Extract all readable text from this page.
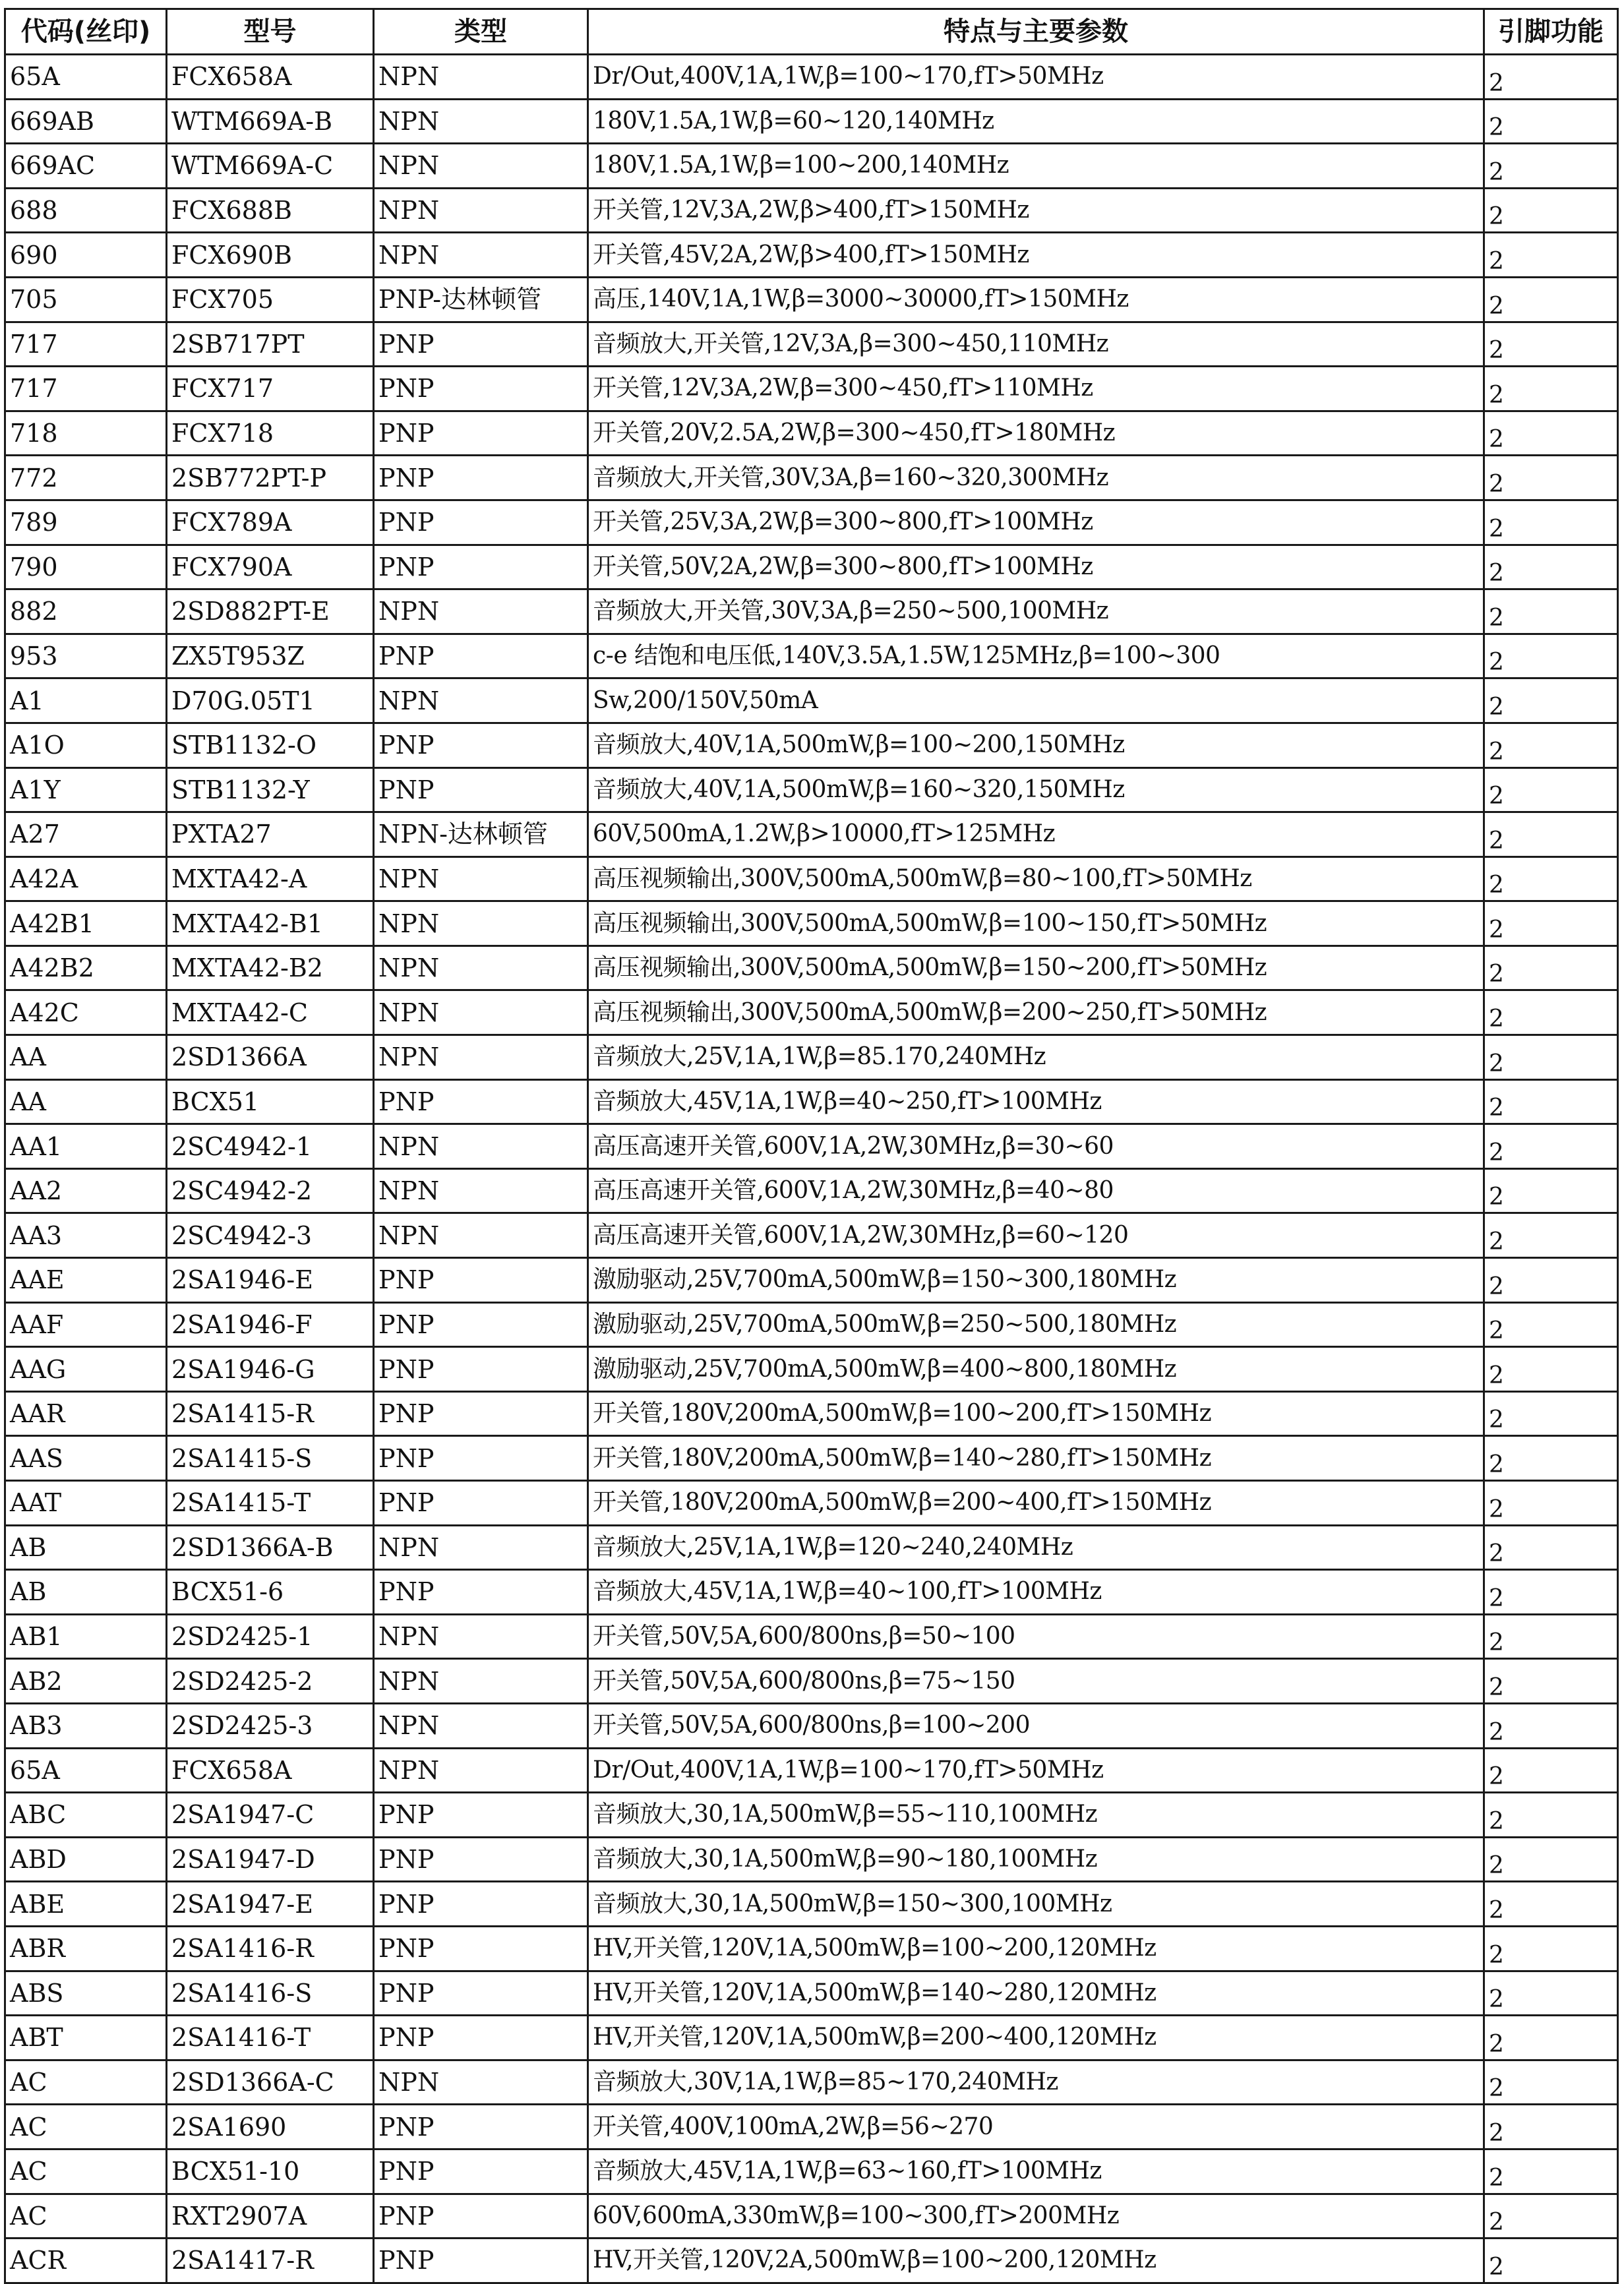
代码(丝印)	型号	类型	特点与主要参数	引脚功能
65A	FCX658A	NPN	Dr/Out,400V,1A,1W,β=100~170,fT>50MHz	2
669AB	WTM669A-B	NPN	180V,1.5A,1W,β=60~120,140MHz	2
669AC	WTM669A-C	NPN	180V,1.5A,1W,β=100~200,140MHz	2
688	FCX688B	NPN	开关管,12V,3A,2W,β>400,fT>150MHz	2
690	FCX690B	NPN	开关管,45V,2A,2W,β>400,fT>150MHz	2
705	FCX705	PNP-达林顿管	高压,140V,1A,1W,β=3000~30000,fT>150MHz	2
717	2SB717PT	PNP	音频放大,开关管,12V,3A,β=300~450,110MHz	2
717	FCX717	PNP	开关管,12V,3A,2W,β=300~450,fT>110MHz	2
718	FCX718	PNP	开关管,20V,2.5A,2W,β=300~450,fT>180MHz	2
772	2SB772PT-P	PNP	音频放大,开关管,30V,3A,β=160~320,300MHz	2
789	FCX789A	PNP	开关管,25V,3A,2W,β=300~800,fT>100MHz	2
790	FCX790A	PNP	开关管,50V,2A,2W,β=300~800,fT>100MHz	2
882	2SD882PT-E	NPN	音频放大,开关管,30V,3A,β=250~500,100MHz	2
953	ZX5T953Z	PNP	c-e 结饱和电压低,140V,3.5A,1.5W,125MHz,β=100~300	2
A1	D70G.05T1	NPN	Sw,200/150V,50mA	2
A1O	STB1132-O	PNP	音频放大,40V,1A,500mW,β=100~200,150MHz	2
A1Y	STB1132-Y	PNP	音频放大,40V,1A,500mW,β=160~320,150MHz	2
A27	PXTA27	NPN-达林顿管	60V,500mA,1.2W,β>10000,fT>125MHz	2
A42A	MXTA42-A	NPN	高压视频输出,300V,500mA,500mW,β=80~100,fT>50MHz	2
A42B1	MXTA42-B1	NPN	高压视频输出,300V,500mA,500mW,β=100~150,fT>50MHz	2
A42B2	MXTA42-B2	NPN	高压视频输出,300V,500mA,500mW,β=150~200,fT>50MHz	2
A42C	MXTA42-C	NPN	高压视频输出,300V,500mA,500mW,β=200~250,fT>50MHz	2
AA	2SD1366A	NPN	音频放大,25V,1A,1W,β=85.170,240MHz	2
AA	BCX51	PNP	音频放大,45V,1A,1W,β=40~250,fT>100MHz	2
AA1	2SC4942-1	NPN	高压高速开关管,600V,1A,2W,30MHz,β=30~60	2
AA2	2SC4942-2	NPN	高压高速开关管,600V,1A,2W,30MHz,β=40~80	2
AA3	2SC4942-3	NPN	高压高速开关管,600V,1A,2W,30MHz,β=60~120	2
AAE	2SA1946-E	PNP	激励驱动,25V,700mA,500mW,β=150~300,180MHz	2
AAF	2SA1946-F	PNP	激励驱动,25V,700mA,500mW,β=250~500,180MHz	2
AAG	2SA1946-G	PNP	激励驱动,25V,700mA,500mW,β=400~800,180MHz	2
AAR	2SA1415-R	PNP	开关管,180V,200mA,500mW,β=100~200,fT>150MHz	2
AAS	2SA1415-S	PNP	开关管,180V,200mA,500mW,β=140~280,fT>150MHz	2
AAT	2SA1415-T	PNP	开关管,180V,200mA,500mW,β=200~400,fT>150MHz	2
AB	2SD1366A-B	NPN	音频放大,25V,1A,1W,β=120~240,240MHz	2
AB	BCX51-6	PNP	音频放大,45V,1A,1W,β=40~100,fT>100MHz	2
AB1	2SD2425-1	NPN	开关管,50V,5A,600/800ns,β=50~100	2
AB2	2SD2425-2	NPN	开关管,50V,5A,600/800ns,β=75~150	2
AB3	2SD2425-3	NPN	开关管,50V,5A,600/800ns,β=100~200	2
65A	FCX658A	NPN	Dr/Out,400V,1A,1W,β=100~170,fT>50MHz	2
ABC	2SA1947-C	PNP	音频放大,30,1A,500mW,β=55~110,100MHz	2
ABD	2SA1947-D	PNP	音频放大,30,1A,500mW,β=90~180,100MHz	2
ABE	2SA1947-E	PNP	音频放大,30,1A,500mW,β=150~300,100MHz	2
ABR	2SA1416-R	PNP	HV,开关管,120V,1A,500mW,β=100~200,120MHz	2
ABS	2SA1416-S	PNP	HV,开关管,120V,1A,500mW,β=140~280,120MHz	2
ABT	2SA1416-T	PNP	HV,开关管,120V,1A,500mW,β=200~400,120MHz	2
AC	2SD1366A-C	NPN	音频放大,30V,1A,1W,β=85~170,240MHz	2
AC	2SA1690	PNP	开关管,400V,100mA,2W,β=56~270	2
AC	BCX51-10	PNP	音频放大,45V,1A,1W,β=63~160,fT>100MHz	2
AC	RXT2907A	PNP	60V,600mA,330mW,β=100~300,fT>200MHz	2
ACR	2SA1417-R	PNP	HV,开关管,120V,2A,500mW,β=100~200,120MHz	2
